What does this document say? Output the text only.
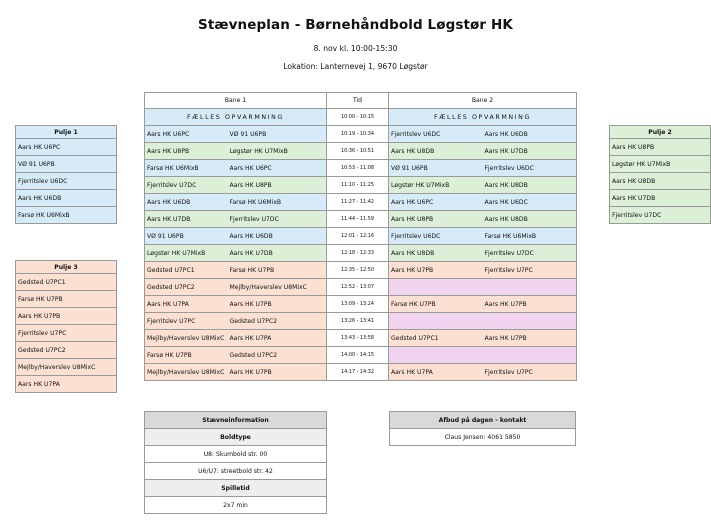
Stævneplan - Børnehåndbold Løgstør HK
8. nov kl. 10:00-15:30
Lokation: Lanternevej 1, 9670 Løgstør
Bane 1		Tid	Bane 2	
FÆLLES OPVARMNING		10:00 - 10:15	FÆLLES OPVARMNING	
Aars HK U6PC	VØ 91 U6PB	10:19 - 10:34	Fjerritslev U6DC	Aars HK U6DB
Aars HK U8PB	Løgstør HK U7MixB	10:36 - 10:51	Aars HK U8DB	Aars HK U7DB
Farsø HK U6MixB	Aars HK U6PC	10:53 - 11:08	VØ 91 U6PB	Fjerritslev U6DC
Fjerritslev U7DC	Aars HK U8PB	11:10 - 11:25	Løgstør HK U7MixB	Aars HK U8DB
Aars HK U6DB	Farsø HK U6MixB	11:27 - 11:42	Aars HK U6PC	Aars HK U6DC
Aars HK U7DB	Fjerritslev U7DC	11:44 - 11:59	Aars HK U8PB	Aars HK U8DB
VØ 91 U6PB	Aars HK U6DB	12:01 - 12:16	Fjerritslev U6DC	Farsø HK U6MixB
Løgstør HK U7MixB	Aars HK U7DB	12:18 - 12:33	Aars HK U8DB	Fjerritslev U7DC
Gedsted U7PC1	Farsø HK U7PB	12:35 - 12:50	Aars HK U7PB	Fjerritslev U7PC
Gedsted U7PC2	Mejlby/Haverslev U8MixC	12:52 - 13:07		
Aars HK U7PA	Aars HK U7PB	13:09 - 13:24	Farsø HK U7PB	Aars HK U7PB
Fjerritslev U7PC	Gedsted U7PC2	13:26 - 13:41		
Mejlby/Haverslev U8MixC	Aars HK U7PA	13:43 - 13:58	Gedsted U7PC1	Aars HK U7PB
Farsø HK U7PB	Gedsted U7PC2	14:00 - 14:15		
Mejlby/Haverslev U8MixC	Aars HK U7PB	14:17 - 14:32	Aars HK U7PA	Fjerritslev U7PC
Pulje 1
Aars HK U6PC
VØ 91 U6PB
Fjerritslev U6DC
Aars HK U6DB
Farsø HK U6MixB
Pulje 2
Aars HK U8PB
Løgstør HK U7MixB
Aars HK U8DB
Aars HK U7DB
Fjerritslev U7DC
Pulje 3
Gedsted U7PC1
Farsø HK U7PB
Aars HK U7PB
Fjerritslev U7PC
Gedsted U7PC2
Mejlby/Haverslev U8MixC
Aars HK U7PA
Stævneinformation
Boldtype
U8: Skumbold str. 00
U6/U7: streetbold str. 42
Spilletid
2x7 min
Afbud på dagen - kontakt
Claus Jensen: 4061 5850
